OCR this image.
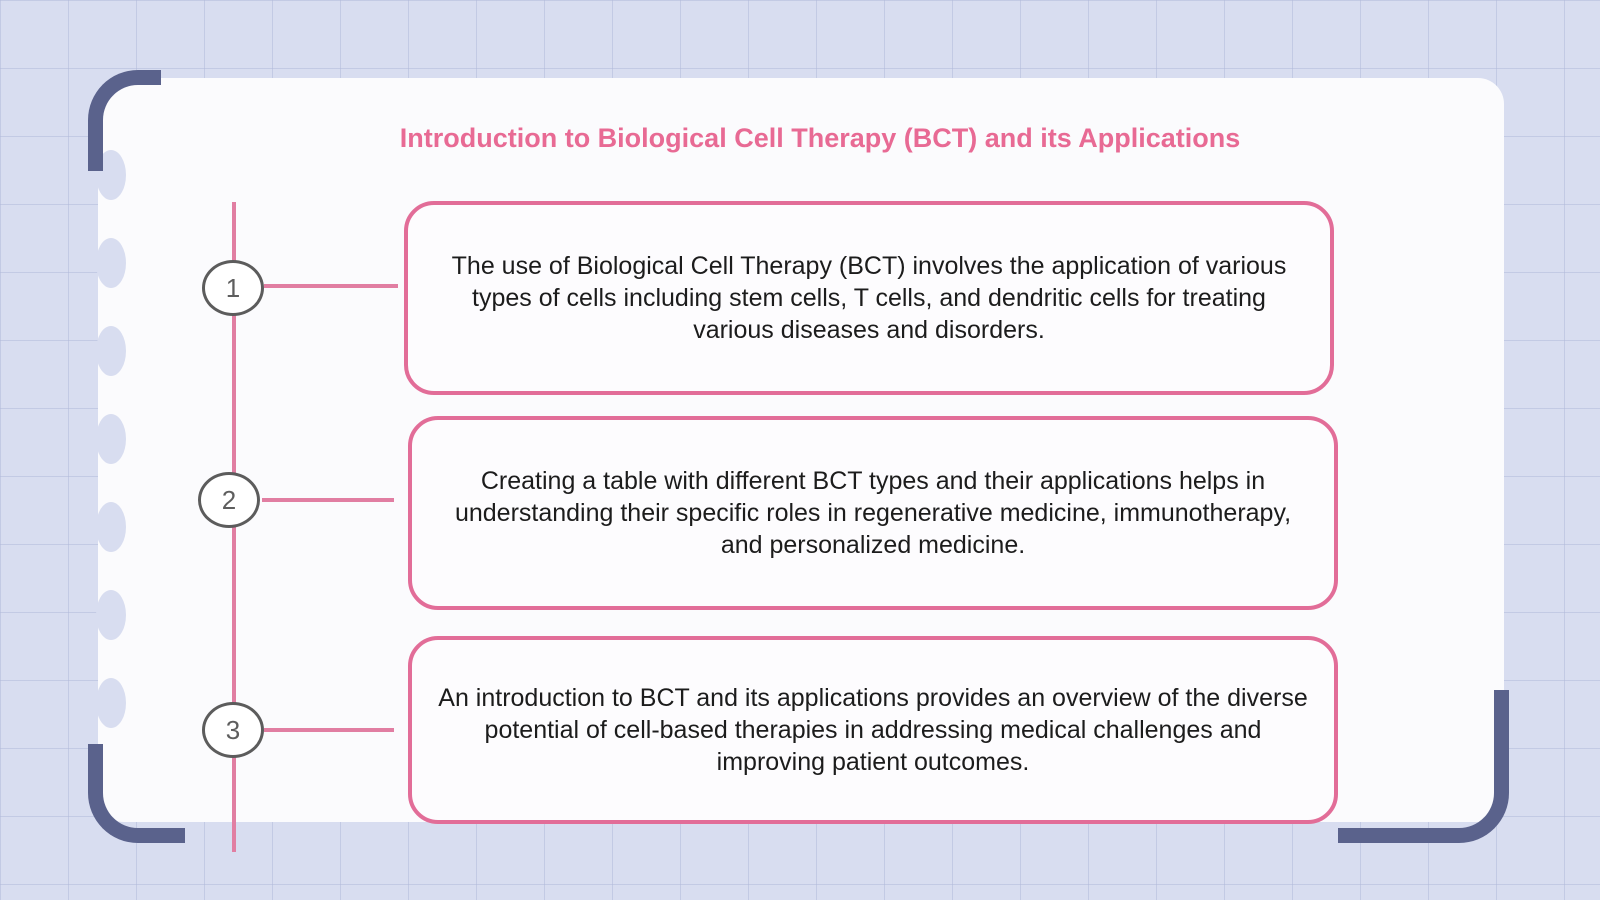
Introduction to Biological Cell Therapy (BCT) and its Applications
1
2
3
The use of Biological Cell Therapy (BCT) involves the application of various types of cells including stem cells, T cells, and dendritic cells for treating various diseases and disorders.
Creating a table with different BCT types and their applications helps in understanding their specific roles in regenerative medicine, immunotherapy, and personalized medicine.
An introduction to BCT and its applications provides an overview of the diverse potential of cell-based therapies in addressing medical challenges and improving patient outcomes.
